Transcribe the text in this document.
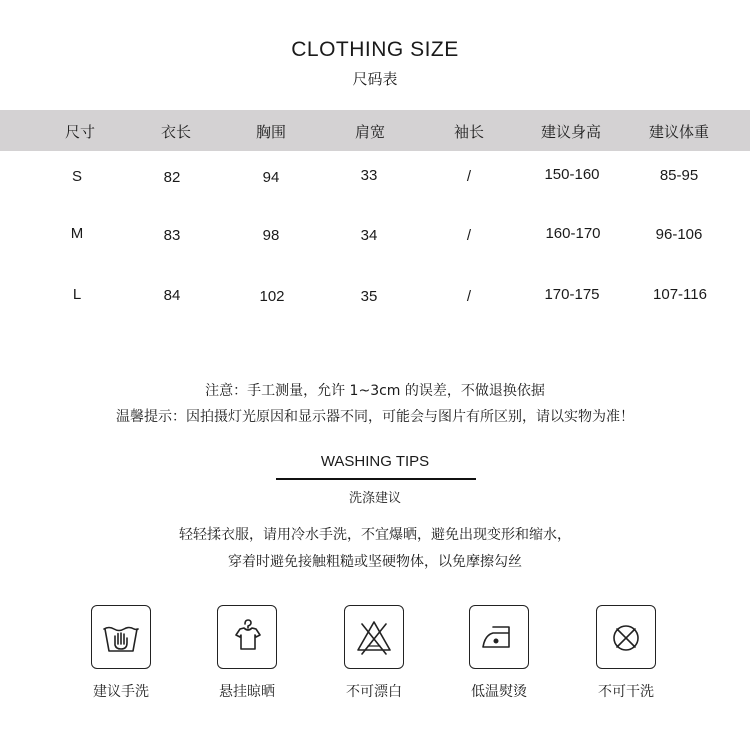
CLOTHING SIZE
尺码表
尺寸	衣长	胸围	肩宽	袖长	建议身高	建议体重
S	82	94	33	/	150-160	85-95
M	83	98	34	/	160-170	96-106
L	84	102	35	/	170-175	107-116
注意：手工测量，允许 1~3cm 的误差，不做退换依据
温馨提示：因拍摄灯光原因和显示器不同，可能会与图片有所区别，请以实物为准！
WASHING TIPS
洗涤建议
轻轻揉衣服，请用冷水手洗，不宜爆晒，避免出现变形和缩水，
穿着时避免接触粗糙或坚硬物体，以免摩擦勾丝
建议手洗	悬挂晾晒	不可漂白	低温熨烫	不可干洗
